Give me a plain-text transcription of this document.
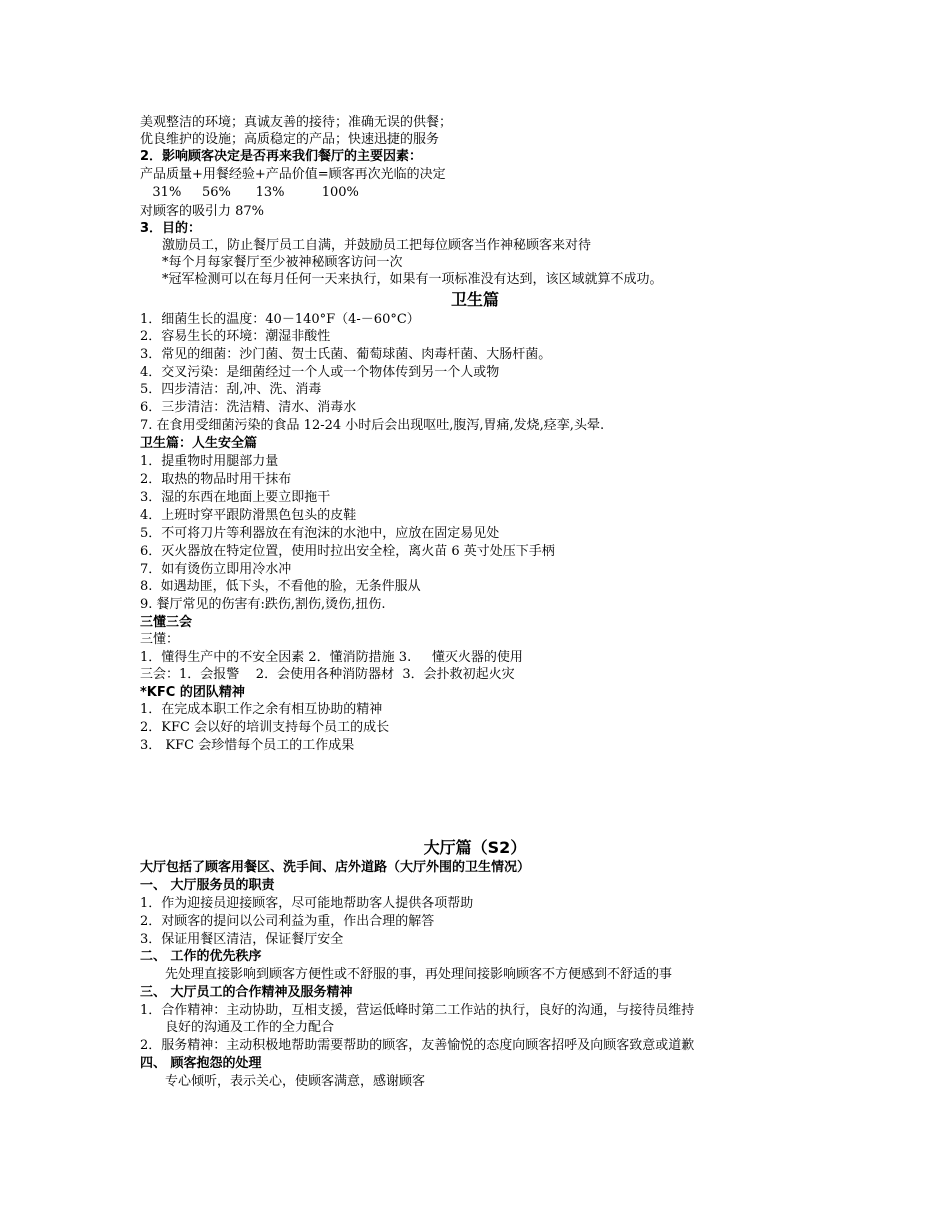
美观整洁的环境；真诚友善的接待；准确无误的供餐；
优良维护的设施；高质稳定的产品；快速迅捷的服务
2．影响顾客决定是否再来我们餐厅的主要因素：
产品质量+用餐经验+产品价值=顾客再次光临的决定
31%     56%      13%         100%
对顾客的吸引力 87%
3．目的：
激励员工，防止餐厅员工自满，并鼓励员工把每位顾客当作神秘顾客来对待
*每个月每家餐厅至少被神秘顾客访问一次
*冠军检测可以在每月任何一天来执行，如果有一项标准没有达到，该区域就算不成功。
卫生篇
1．细菌生长的温度：40－140°F（4-－60°C）
2．容易生长的环境：潮湿非酸性
3．常见的细菌：沙门菌、贺士氏菌、葡萄球菌、肉毒杆菌、大肠杆菌。
4．交叉污染：是细菌经过一个人或一个物体传到另一个人或物
5．四步清洁：刮,冲、洗、消毒
6．三步清洁：洗洁精、清水、消毒水
7. 在食用受细菌污染的食品 12-24 小时后会出现呕吐,腹泻,胃痛,发烧,痉挛,头晕.
卫生篇：人生安全篇
1．提重物时用腿部力量
2．取热的物品时用干抹布
3．湿的东西在地面上要立即拖干
4．上班时穿平跟防滑黑色包头的皮鞋
5．不可将刀片等利器放在有泡沫的水池中，应放在固定易见处
6．灭火器放在特定位置，使用时拉出安全栓，离火苗 6 英寸处压下手柄
7．如有烫伤立即用冷水冲
8.  如遇劫匪，低下头，不看他的脸，无条件服从
9. 餐厅常见的伤害有:跌伤,割伤,烫伤,扭伤.
三懂三会
三懂：
1．懂得生产中的不安全因素 2．懂消防措施 3.     懂灭火器的使用
三会：1．会报警    2．会使用各种消防器材  3．会扑救初起火灾
*KFC 的团队精神
1．在完成本职工作之余有相互协助的精神
2．KFC 会以好的培训支持每个员工的成长
3． KFC 会珍惜每个员工的工作成果
大厅篇（S2）
大厅包括了顾客用餐区、洗手间、店外道路（大厅外围的卫生情况）
一、 大厅服务员的职责
1．作为迎接员迎接顾客，尽可能地帮助客人提供各项帮助
2．对顾客的提问以公司利益为重，作出合理的解答
3．保证用餐区清洁，保证餐厅安全
二、 工作的优先秩序
先处理直接影响到顾客方便性或不舒服的事，再处理间接影响顾客不方便感到不舒适的事
三、 大厅员工的合作精神及服务精神
1．合作精神：主动协助，互相支援，营运低峰时第二工作站的执行，良好的沟通，与接待员维持
良好的沟通及工作的全力配合
2．服务精神：主动积极地帮助需要帮助的顾客，友善愉悦的态度向顾客招呼及向顾客致意或道歉
四、 顾客抱怨的处理
专心倾听，表示关心，使顾客满意，感谢顾客
